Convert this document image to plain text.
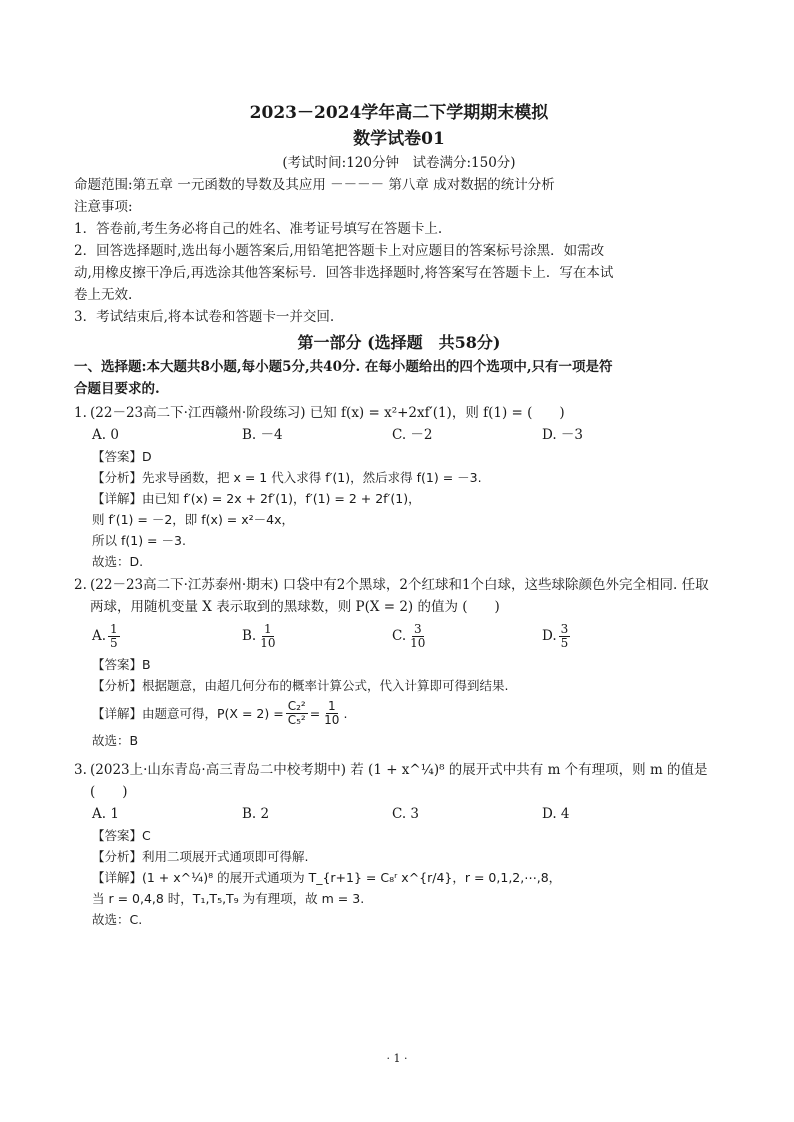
2023－2024学年高二下学期期末模拟

数学试卷01

(考试时间:120分钟　试卷满分:150分)

命题范围:第五章 一元函数的导数及其应用 －－－－ 第八章 成对数据的统计分析

注意事项:

1．答卷前,考生务必将自己的姓名、准考证号填写在答题卡上.

2．回答选择题时,选出每小题答案后,用铅笔把答题卡上对应题目的答案标号涂黑．如需改

动,用橡皮擦干净后,再选涂其他答案标号．回答非选择题时,将答案写在答题卡上．写在本试

卷上无效.

3．考试结束后,将本试卷和答题卡一并交回.

第一部分 (选择题　共58分)

一、选择题:本大题共8小题,每小题5分,共40分. 在每小题给出的四个选项中,只有一项是符

合题目要求的.

1. (22－23高二下·江西赣州·阶段练习) 已知 f(x) = x²+2xf′(1)，则 f(1) = (　　)
A. 0	B. －4	C. －2	D. －3

【答案】D

【分析】先求导函数，把 x = 1 代入求得 f′(1)，然后求得 f(1) = －3.

【详解】由已知 f′(x) = 2x + 2f′(1)，f′(1) = 2 + 2f′(1)，

则 f′(1) = －2，即 f(x) = x²－4x，

所以 f(1) = －3.

故选：D.

2. (22－23高二下·江苏泰州·期末) 口袋中有2个黑球，2个红球和1个白球，这些球除颜色外完全相同. 任取

两球，用随机变量 X 表示取到的黑球数，则 P(X = 2) 的值为 (　　)

A. $\frac{1}{5}$	B. $\frac{1}{10}$	C. $\frac{3}{10}$	D. $\frac{3}{5}$

【答案】B

【分析】根据题意，由超几何分布的概率计算公式，代入计算即可得到结果.

【详解】由题意可得，$P(X = 2) = \frac{\text{C₂²}}{\text{C₅²}} = \frac{1}{10}$ .

故选：B

3. (2023上·山东青岛·高三青岛二中校考期中) 若 (1 + x^¼)⁸ 的展开式中共有 m 个有理项，则 m 的值是

(　　)

A. 1	B. 2	C. 3	D. 4

【答案】C

【分析】利用二项展开式通项即可得解.

【详解】(1 + x^¼)⁸ 的展开式通项为 T_{r+1} = C₈ʳ x^{r/4}，r = 0,1,2,⋯,8，

当 r = 0,4,8 时，T₁,T₅,T₉ 为有理项，故 m = 3.

故选：C.

· 1 ·
